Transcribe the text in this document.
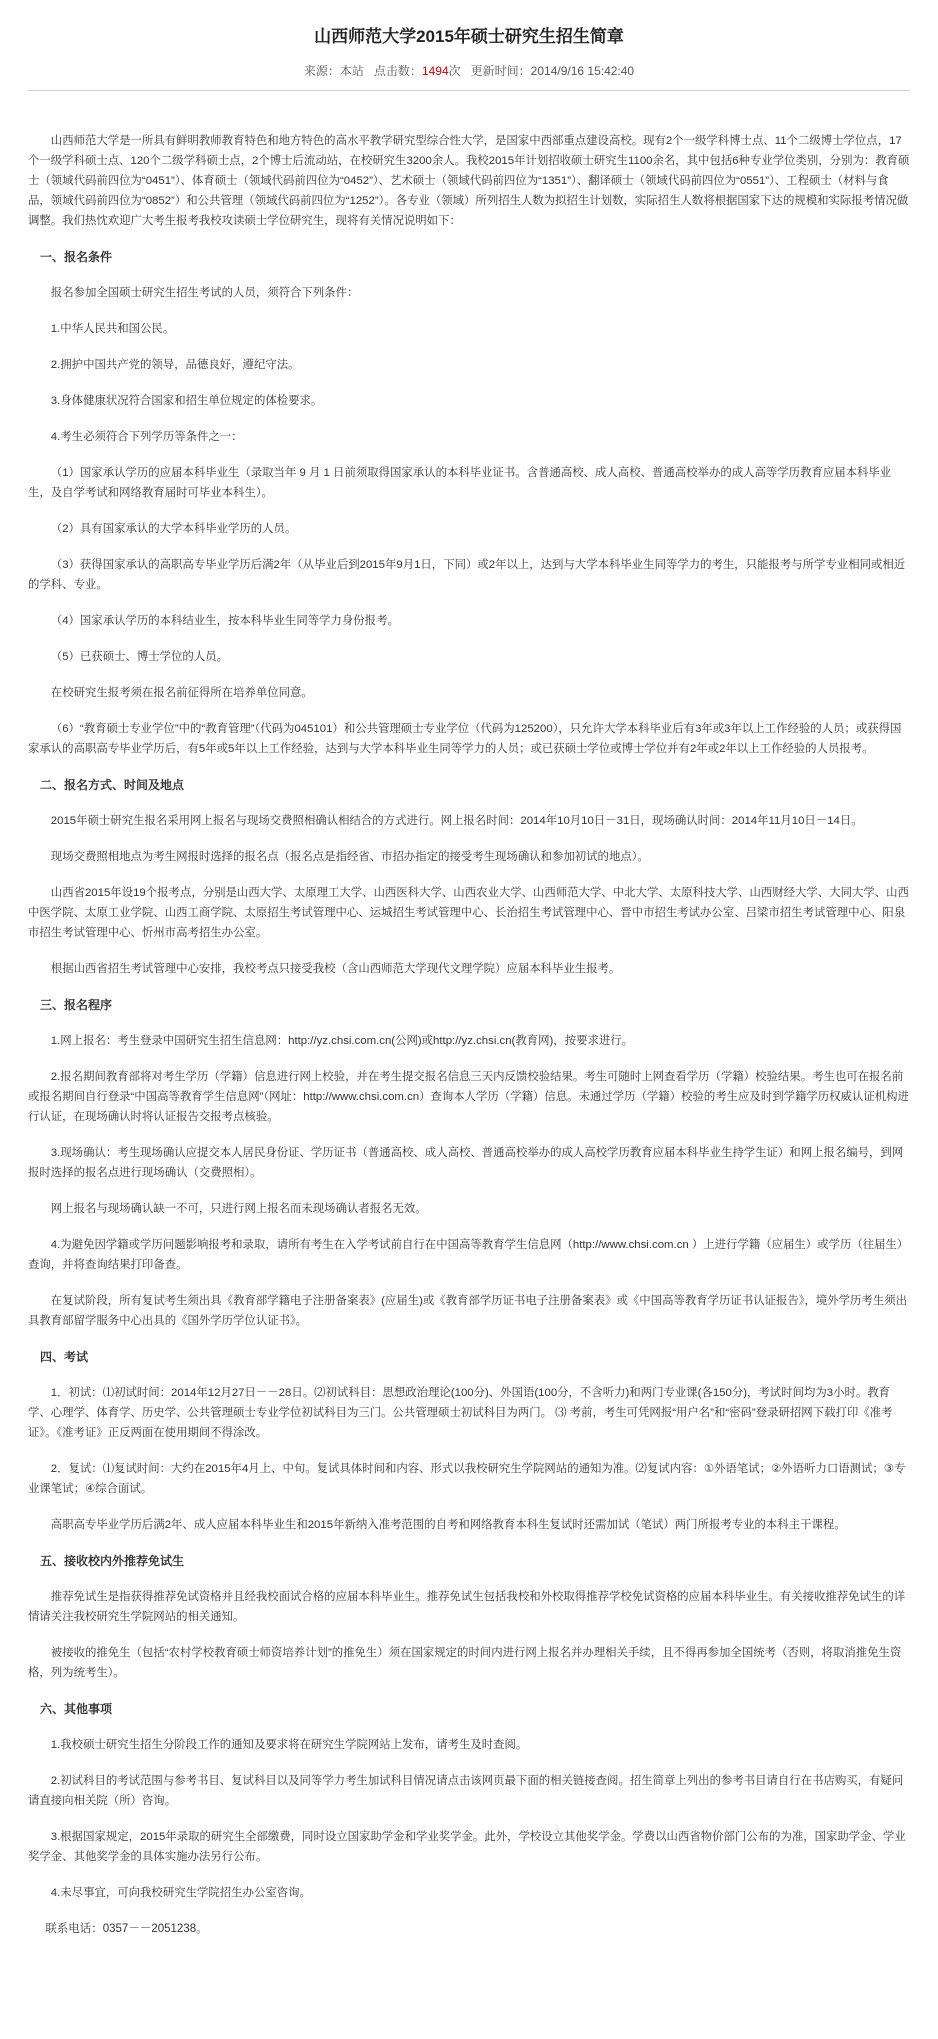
山西师范大学2015年硕士研究生招生简章
来源：本站 点击数：1494次 更新时间：2014/9/16 15:42:40

山西师范大学是一所具有鲜明教师教育特色和地方特色的高水平教学研究型综合性大学，是国家中西部重点建设高校。现有2个一级学科博士点、11个二级博士学位点，17个一级学科硕士点、120个二级学科硕士点，2个博士后流动站，在校研究生3200余人。我校2015年计划招收硕士研究生1100余名，其中包括6种专业学位类别，分别为：教育硕士（领域代码前四位为“0451”）、体育硕士（领域代码前四位为“0452”）、艺术硕士（领域代码前四位为“1351”）、翻译硕士（领域代码前四位为“0551”）、工程硕士（材料与食品，领域代码前四位为“0852”）和公共管理（领域代码前四位为“1252”）。各专业（领域）所列招生人数为拟招生计划数，实际招生人数将根据国家下达的规模和实际报考情况做调整。我们热忱欢迎广大考生报考我校攻读硕士学位研究生，现将有关情况说明如下：

一、报名条件

报名参加全国硕士研究生招生考试的人员，须符合下列条件：

1.中华人民共和国公民。

2.拥护中国共产党的领导，品德良好，遵纪守法。

3.身体健康状况符合国家和招生单位规定的体检要求。

4.考生必须符合下列学历等条件之一：

（1）国家承认学历的应届本科毕业生（录取当年 9 月 1 日前须取得国家承认的本科毕业证书。含普通高校、成人高校、普通高校举办的成人高等学历教育应届本科毕业生，及自学考试和网络教育届时可毕业本科生）。

（2）具有国家承认的大学本科毕业学历的人员。

（3）获得国家承认的高职高专毕业学历后满2年（从毕业后到2015年9月1日，下同）或2年以上，达到与大学本科毕业生同等学力的考生，只能报考与所学专业相同或相近的学科、专业。

（4）国家承认学历的本科结业生，按本科毕业生同等学力身份报考。

（5）已获硕士、博士学位的人员。

在校研究生报考须在报名前征得所在培养单位同意。

（6）“教育硕士专业学位”中的“教育管理”（代码为045101）和公共管理硕士专业学位（代码为125200），只允许大学本科毕业后有3年或3年以上工作经验的人员；或获得国家承认的高职高专毕业学历后，有5年或5年以上工作经验，达到与大学本科毕业生同等学力的人员；或已获硕士学位或博士学位并有2年或2年以上工作经验的人员报考。

二、报名方式、时间及地点

2015年硕士研究生报名采用网上报名与现场交费照相确认相结合的方式进行。网上报名时间：2014年10月10日－31日，现场确认时间：2014年11月10日－14日。

现场交费照相地点为考生网报时选择的报名点（报名点是指经省、市招办指定的接受考生现场确认和参加初试的地点）。

山西省2015年设19个报考点，分别是山西大学、太原理工大学、山西医科大学、山西农业大学、山西师范大学、中北大学、太原科技大学、山西财经大学、大同大学、山西中医学院、太原工业学院、山西工商学院、太原招生考试管理中心、运城招生考试管理中心、长治招生考试管理中心、晋中市招生考试办公室、吕梁市招生考试管理中心、阳泉市招生考试管理中心、忻州市高考招生办公室。

根据山西省招生考试管理中心安排，我校考点只接受我校（含山西师范大学现代文理学院）应届本科毕业生报考。

三、报名程序

1.网上报名：考生登录中国研究生招生信息网：http://yz.chsi.com.cn(公网)或http://yz.chsi.cn(教育网)，按要求进行。

2.报名期间教育部将对考生学历（学籍）信息进行网上校验，并在考生提交报名信息三天内反馈校验结果。考生可随时上网查看学历（学籍）校验结果。考生也可在报名前或报名期间自行登录“中国高等教育学生信息网”（网址：http://www.chsi.com.cn）查询本人学历（学籍）信息。未通过学历（学籍）校验的考生应及时到学籍学历权威认证机构进行认证，在现场确认时将认证报告交报考点核验。

3.现场确认：考生现场确认应提交本人居民身份证、学历证书（普通高校、成人高校、普通高校举办的成人高校学历教育应届本科毕业生持学生证）和网上报名编号，到网报时选择的报名点进行现场确认（交费照相）。

网上报名与现场确认缺一不可，只进行网上报名而未现场确认者报名无效。

4.为避免因学籍或学历问题影响报考和录取，请所有考生在入学考试前自行在中国高等教育学生信息网（http://www.chsi.com.cn ）上进行学籍（应届生）或学历（往届生）查询，并将查询结果打印备查。

在复试阶段，所有复试考生须出具《教育部学籍电子注册备案表》(应届生)或《教育部学历证书电子注册备案表》或《中国高等教育学历证书认证报告》，境外学历考生须出具教育部留学服务中心出具的《国外学历学位认证书》。

四、考试

1．初试：⑴初试时间：2014年12月27日－－28日。⑵初试科目：思想政治理论(100分)、外国语(100分，不含听力)和两门专业课(各150分)，考试时间均为3小时。教育学、心理学、体育学、历史学、公共管理硕士专业学位初试科目为三门。公共管理硕士初试科目为两门。 ⑶ 考前，考生可凭网报“用户名”和“密码”登录研招网下载打印《准考证》。《准考证》正反两面在使用期间不得涂改。

2．复试：⑴复试时间：大约在2015年4月上、中旬。复试具体时间和内容、形式以我校研究生学院网站的通知为准。⑵复试内容：①外语笔试；②外语听力口语测试；③专业课笔试；④综合面试。

高职高专毕业学历后满2年、成人应届本科毕业生和2015年新纳入准考范围的自考和网络教育本科生复试时还需加试（笔试）两门所报考专业的本科主干课程。

五、接收校内外推荐免试生

推荐免试生是指获得推荐免试资格并且经我校面试合格的应届本科毕业生。推荐免试生包括我校和外校取得推荐学校免试资格的应届本科毕业生。有关接收推荐免试生的详情请关注我校研究生学院网站的相关通知。

被接收的推免生（包括“农村学校教育硕士师资培养计划”的推免生）须在国家规定的时间内进行网上报名并办理相关手续，且不得再参加全国统考（否则，将取消推免生资格，列为统考生）。

六、其他事项

1.我校硕士研究生招生分阶段工作的通知及要求将在研究生学院网站上发布，请考生及时查阅。

2.初试科目的考试范围与参考书目、复试科目以及同等学力考生加试科目情况请点击该网页最下面的相关链接查阅。招生简章上列出的参考书目请自行在书店购买，有疑问请直接向相关院（所）咨询。

3.根据国家规定，2015年录取的研究生全部缴费，同时设立国家助学金和学业奖学金。此外，学校设立其他奖学金。学费以山西省物价部门公布的为准，国家助学金、学业奖学金、其他奖学金的具体实施办法另行公布。

4.未尽事宜，可向我校研究生学院招生办公室咨询。

联系电话：0357－－2051238。
